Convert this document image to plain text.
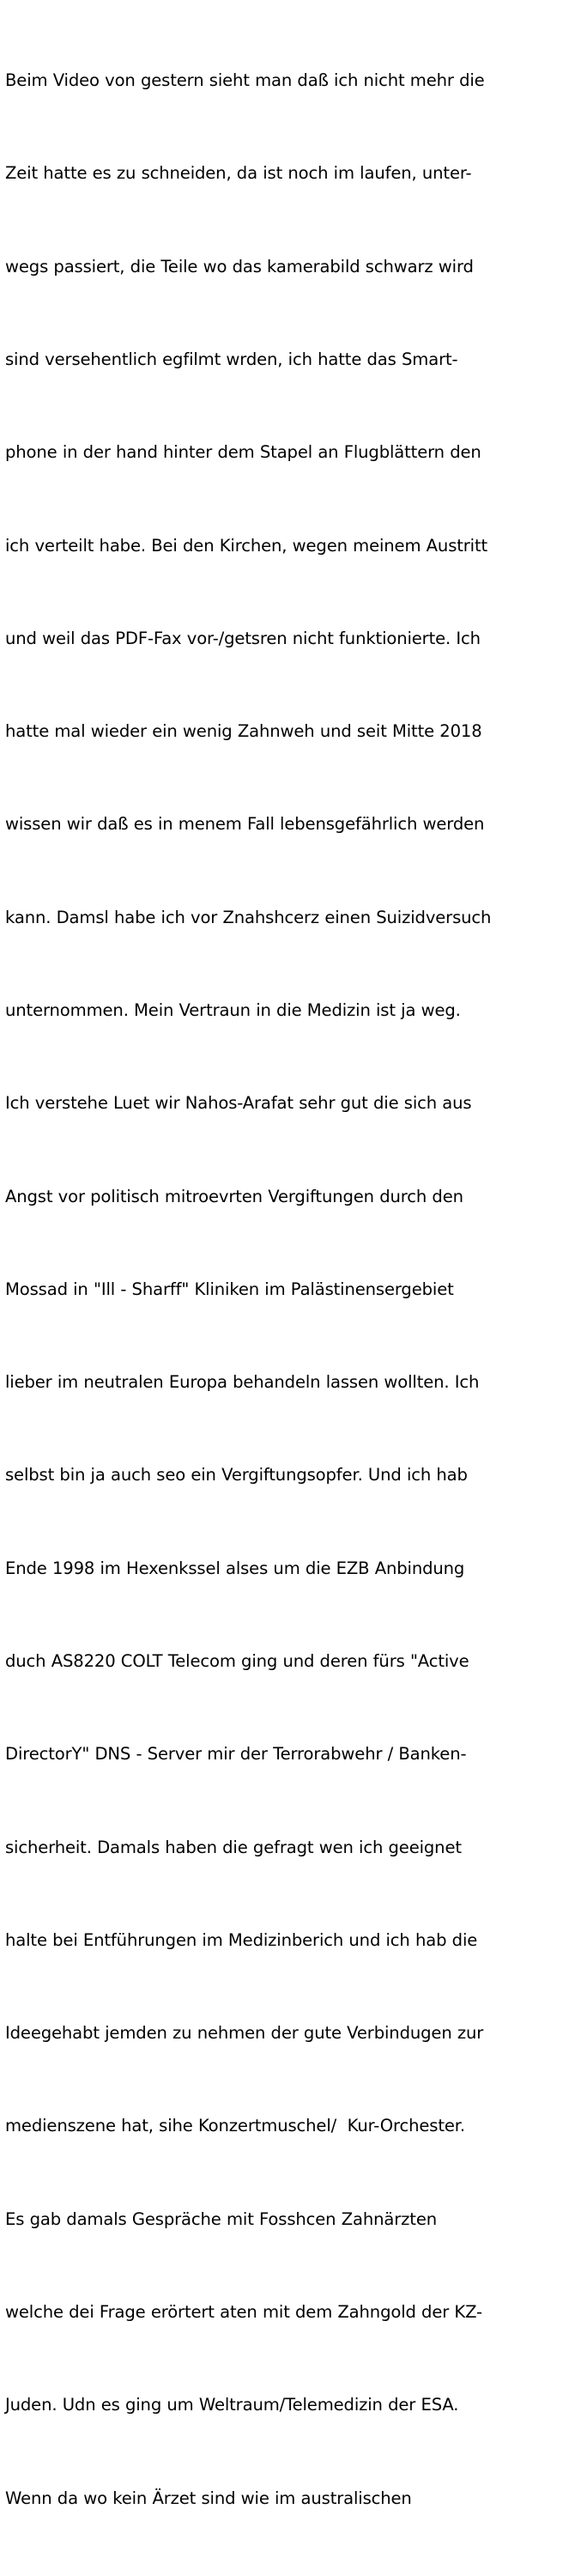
Beim Video von gestern sieht man daß ich nicht mehr die

Zeit hatte es zu schneiden, da ist noch im laufen, unter-

wegs passiert, die Teile wo das kamerabild schwarz wird

sind versehentlich egfilmt wrden, ich hatte das Smart-

phone in der hand hinter dem Stapel an Flugblättern den

ich verteilt habe. Bei den Kirchen, wegen meinem Austritt

und weil das PDF-Fax vor-/getsren nicht funktionierte. Ich

hatte mal wieder ein wenig Zahnweh und seit Mitte 2018

wissen wir daß es in menem Fall lebensgefährlich werden

kann. Damsl habe ich vor Znahshcerz einen Suizidversuch

unternommen. Mein Vertraun in die Medizin ist ja weg.

Ich verstehe Luet wir Nahos-Arafat sehr gut die sich aus

Angst vor politisch mitroevrten Vergiftungen durch den

Mossad in "Ill - Sharff" Kliniken im Palästinensergebiet

lieber im neutralen Europa behandeln lassen wollten. Ich

selbst bin ja auch seo ein Vergiftungsopfer. Und ich hab

Ende 1998 im Hexenkssel alses um die EZB Anbindung

duch AS8220 COLT Telecom ging und deren fürs "Active

DirectorY" DNS - Server mir der Terrorabwehr / Banken-

sicherheit. Damals haben die gefragt wen ich geeignet

halte bei Entführungen im Medizinberich und ich hab die

Ideegehabt jemden zu nehmen der gute Verbindugen zur

medienszene hat, sihe Konzertmuschel/  Kur-Orchester.

Es gab damals Gespräche mit Fosshcen Zahnärzten

welche dei Frage erörtert aten mit dem Zahngold der KZ-

Juden. Udn es ging um Weltraum/Telemedizin der ESA.

Wenn da wo kein Ärzet sind wie im australischen
